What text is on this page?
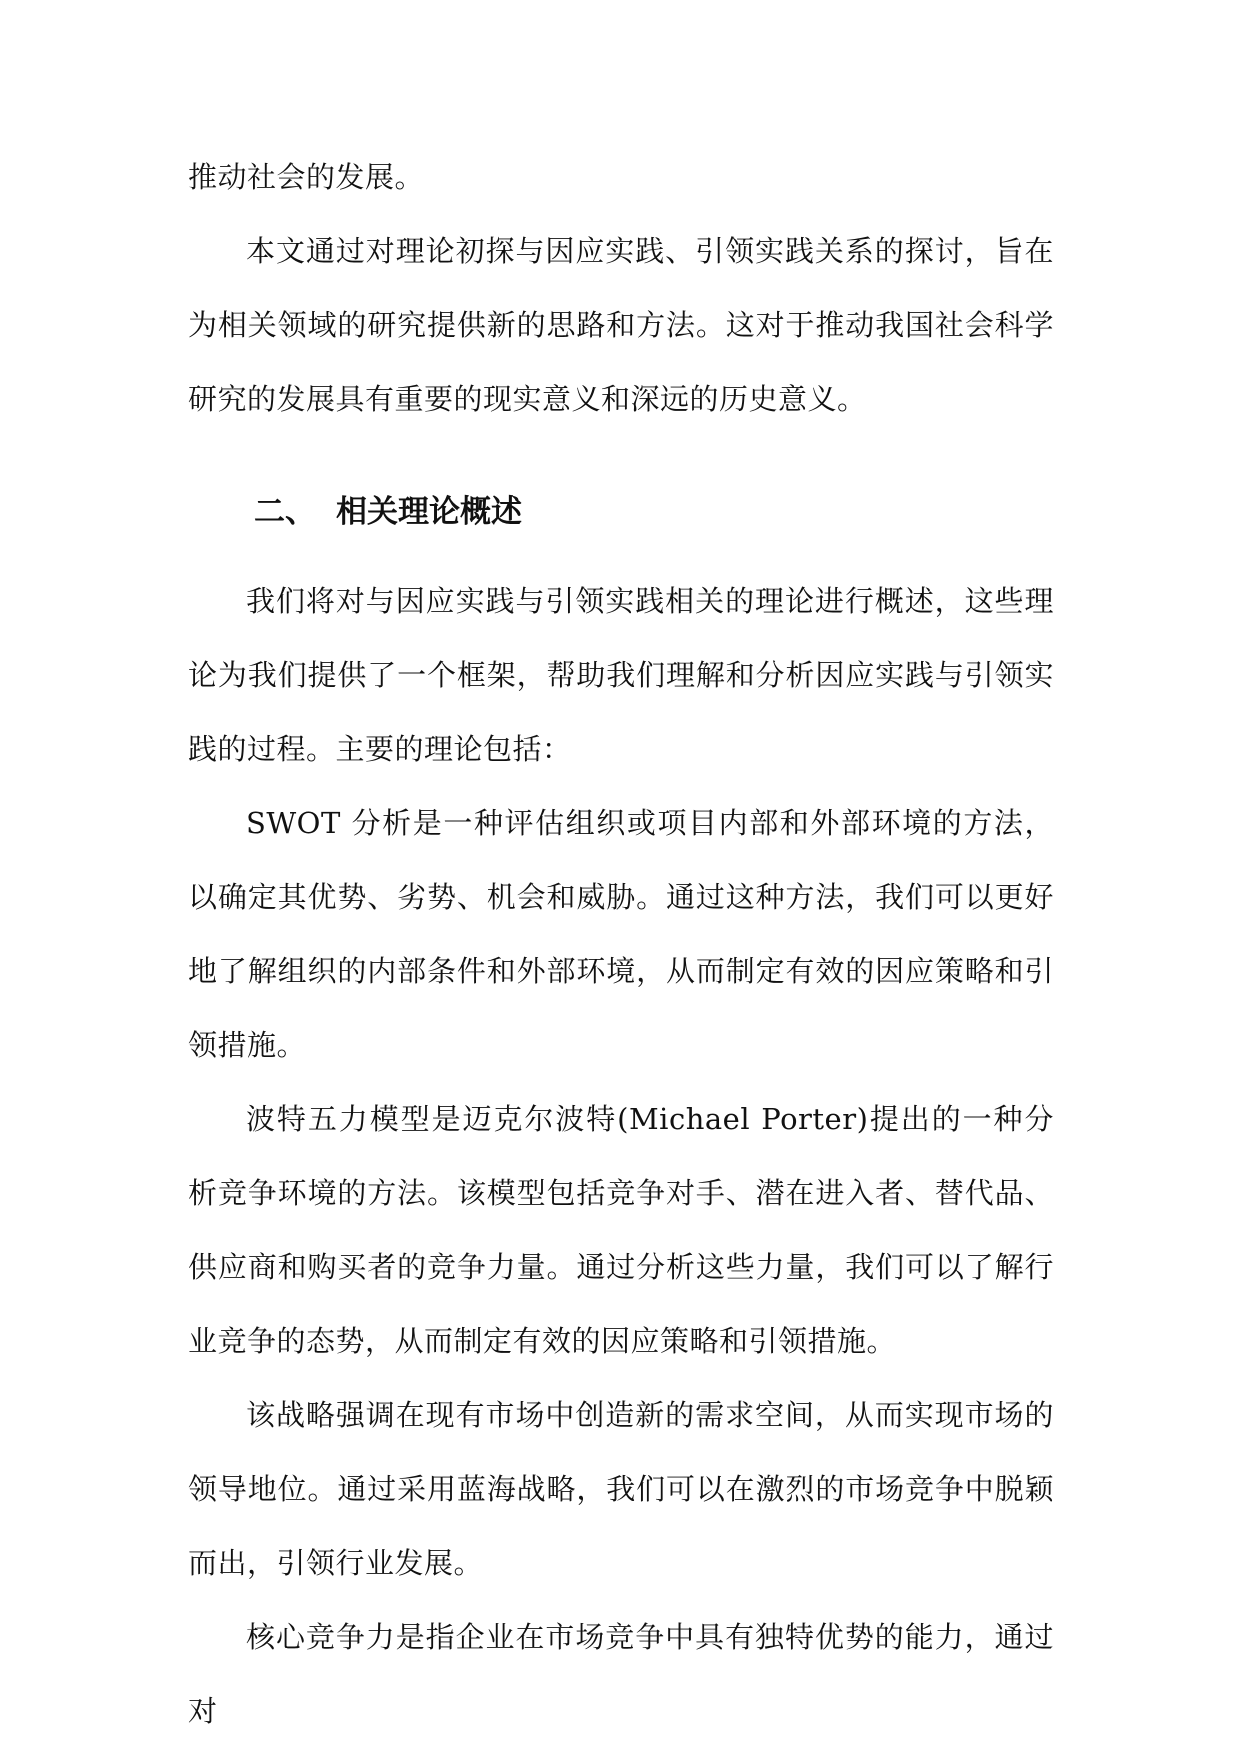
推动社会的发展。

本文通过对理论初探与因应实践、引领实践关系的探讨，旨在为相关领域的研究提供新的思路和方法。这对于推动我国社会科学研究的发展具有重要的现实意义和深远的历史意义。

二、 相关理论概述

我们将对与因应实践与引领实践相关的理论进行概述，这些理论为我们提供了一个框架，帮助我们理解和分析因应实践与引领实践的过程。主要的理论包括：

SWOT 分析是一种评估组织或项目内部和外部环境的方法，以确定其优势、劣势、机会和威胁。通过这种方法，我们可以更好地了解组织的内部条件和外部环境，从而制定有效的因应策略和引领措施。

波特五力模型是迈克尔波特(Michael Porter)提出的一种分析竞争环境的方法。该模型包括竞争对手、潜在进入者、替代品、供应商和购买者的竞争力量。通过分析这些力量，我们可以了解行业竞争的态势，从而制定有效的因应策略和引领措施。

该战略强调在现有市场中创造新的需求空间，从而实现市场的领导地位。通过采用蓝海战略，我们可以在激烈的市场竞争中脱颖而出，引领行业发展。

核心竞争力是指企业在市场竞争中具有独特优势的能力，通过对
